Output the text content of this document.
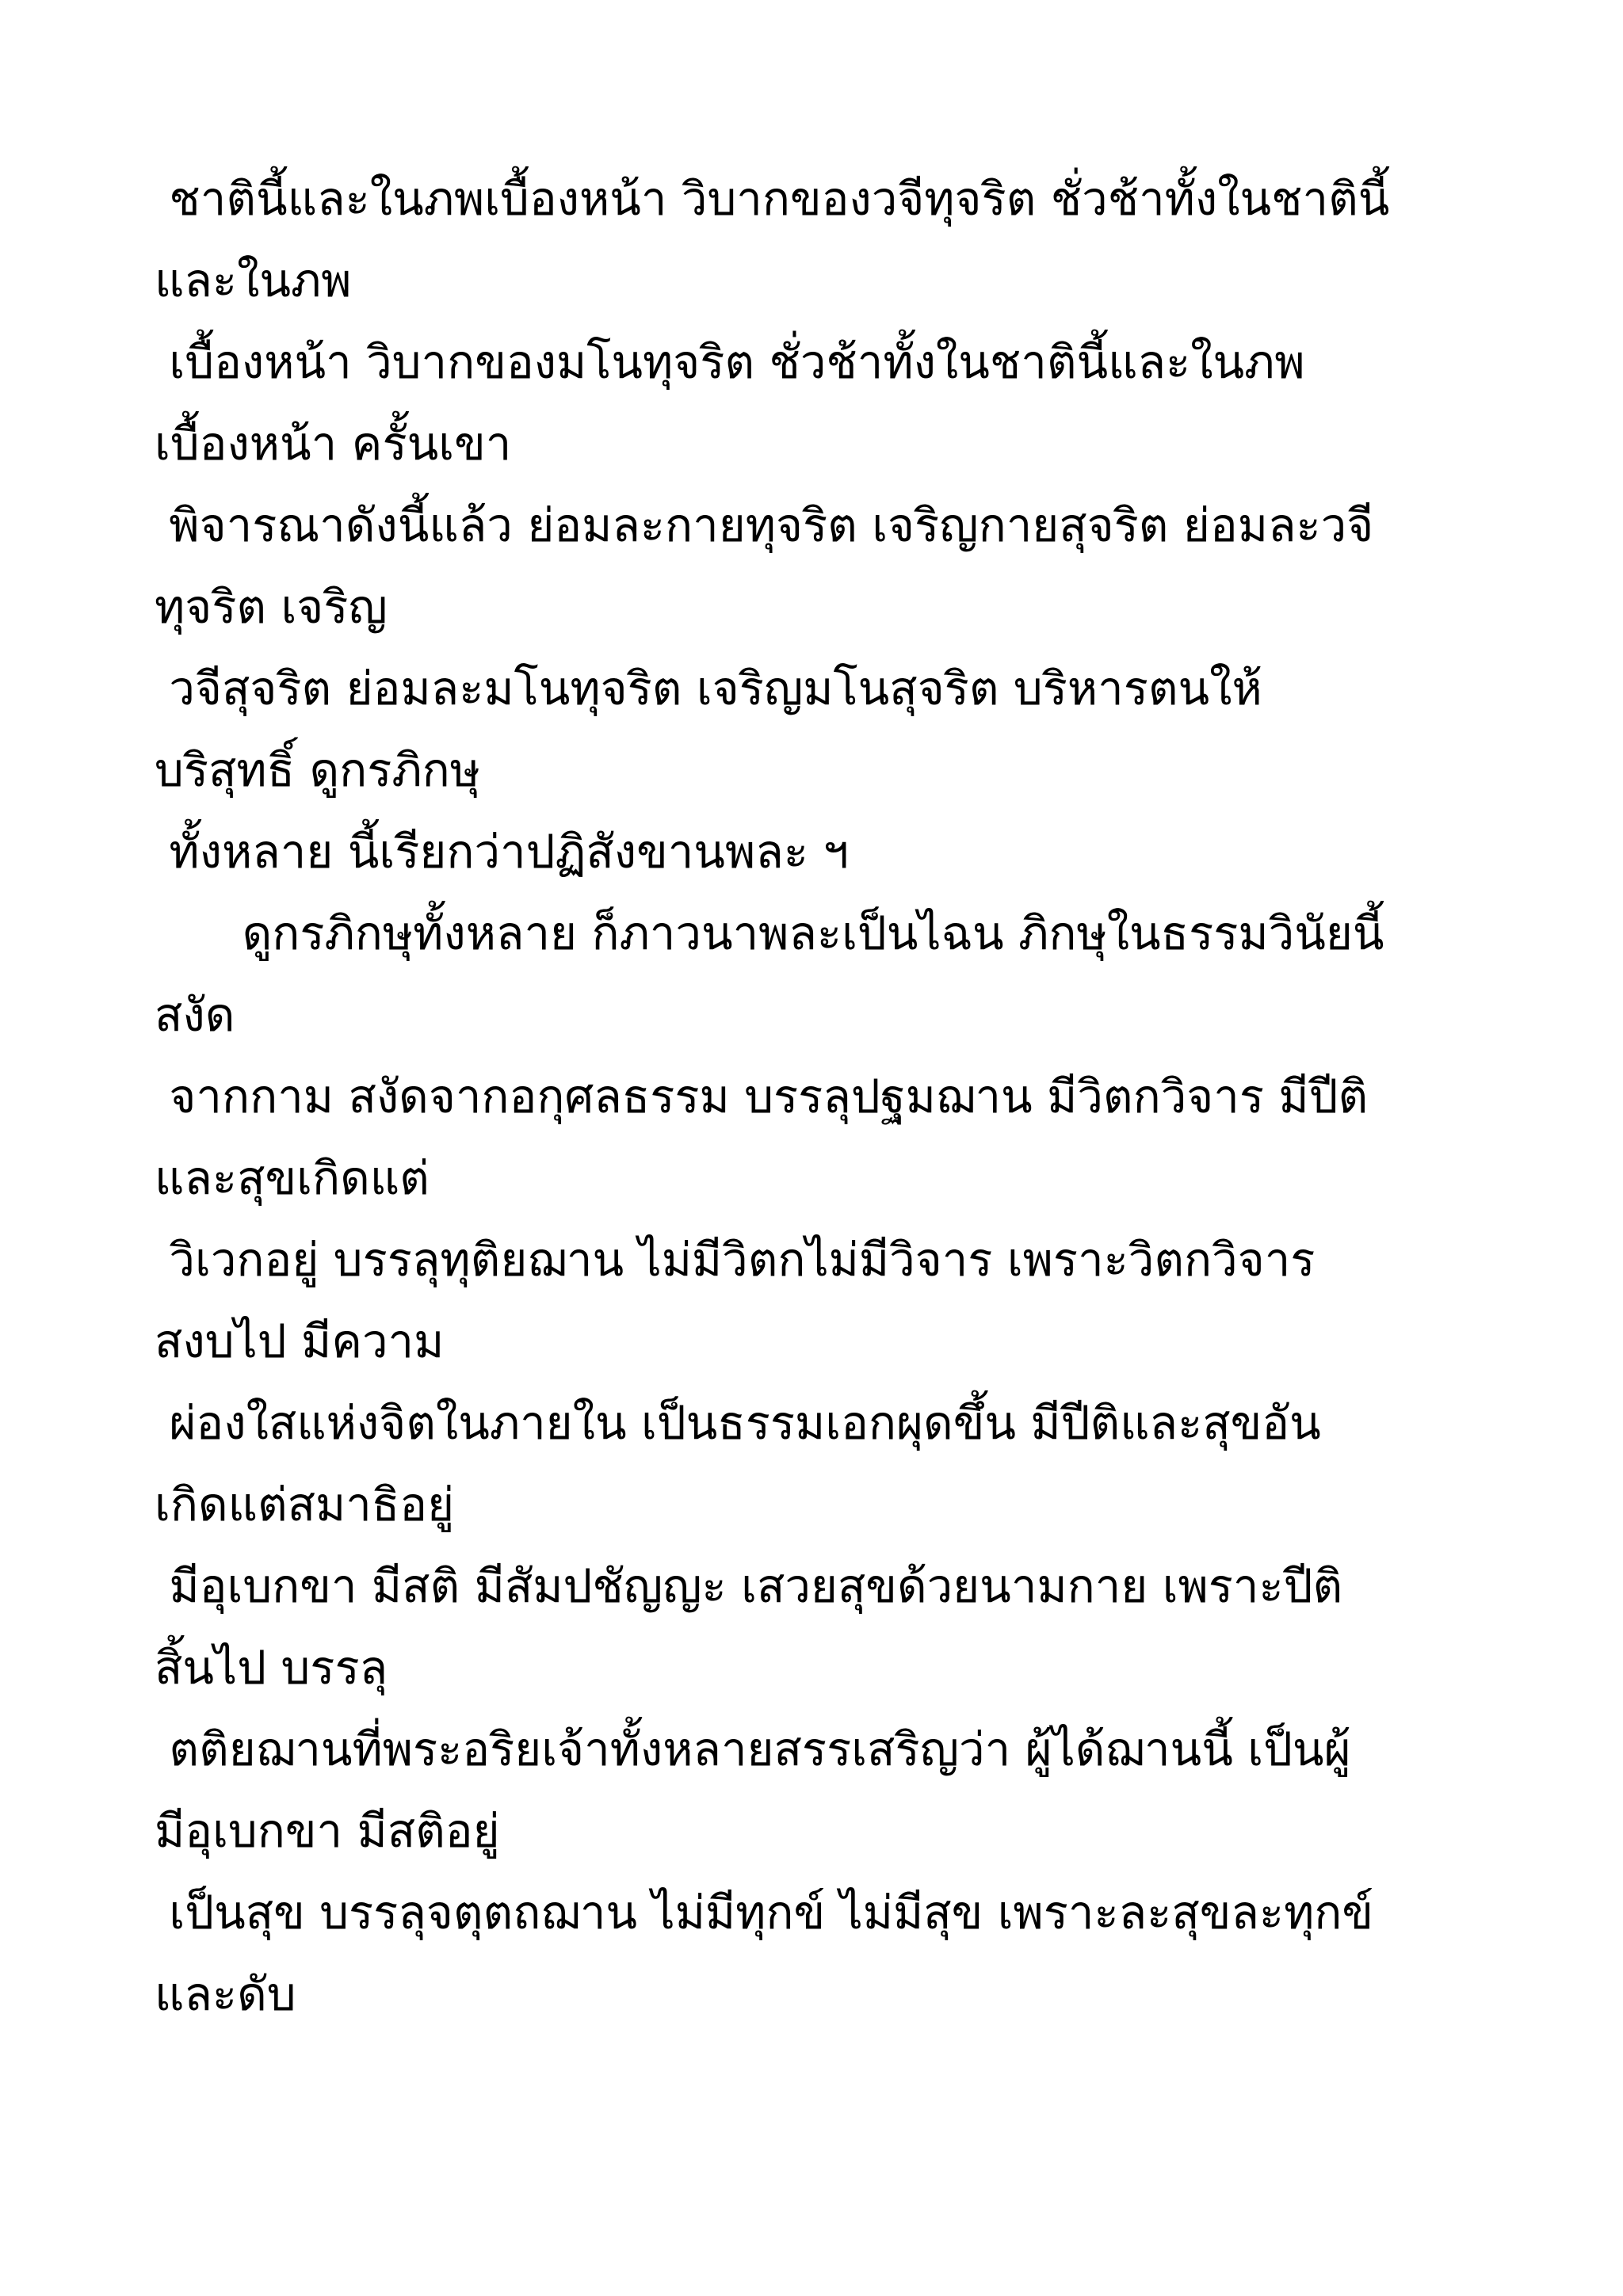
ชาตินี้และในภพเบื้องหน้า วิบากของวจีทุจริต ชั่วช้าทั้งในชาตินี้

และในภพ

เบื้องหน้า วิบากของมโนทุจริต ชั่วช้าทั้งในชาตินี้และในภพ

เบื้องหน้า ครั้นเขา

พิจารณาดังนี้แล้ว ย่อมละกายทุจริต เจริญกายสุจริต ย่อมละวจี

ทุจริต เจริญ

วจีสุจริต ย่อมละมโนทุจริต เจริญมโนสุจริต บริหารตนให้

บริสุทธิ์ ดูกรภิกษุ

ทั้งหลาย นี้เรียกว่าปฏิสังขานพละ ฯ

ดูกรภิกษุทั้งหลาย ก็ภาวนาพละเป็นไฉน ภิกษุในธรรมวินัยนี้

สงัด

จากกาม สงัดจากอกุศลธรรม บรรลุปฐมฌาน มีวิตกวิจาร มีปีติ

และสุขเกิดแต่

วิเวกอยู่ บรรลุทุติยฌาน ไม่มีวิตกไม่มีวิจาร เพราะวิตกวิจาร

สงบไป มีความ

ผ่องใสแห่งจิตในภายใน เป็นธรรมเอกผุดขึ้น มีปีติและสุขอัน

เกิดแต่สมาธิอยู่

มีอุเบกขา มีสติ มีสัมปชัญญะ เสวยสุขด้วยนามกาย เพราะปีติ

สิ้นไป บรรลุ

ตติยฌานที่พระอริยเจ้าทั้งหลายสรรเสริญว่า ผู้ได้ฌานนี้ เป็นผู้

มีอุเบกขา มีสติอยู่

เป็นสุข บรรลุจตุตถฌาน ไม่มีทุกข์ ไม่มีสุข เพราะละสุขละทุกข์

และดับ
